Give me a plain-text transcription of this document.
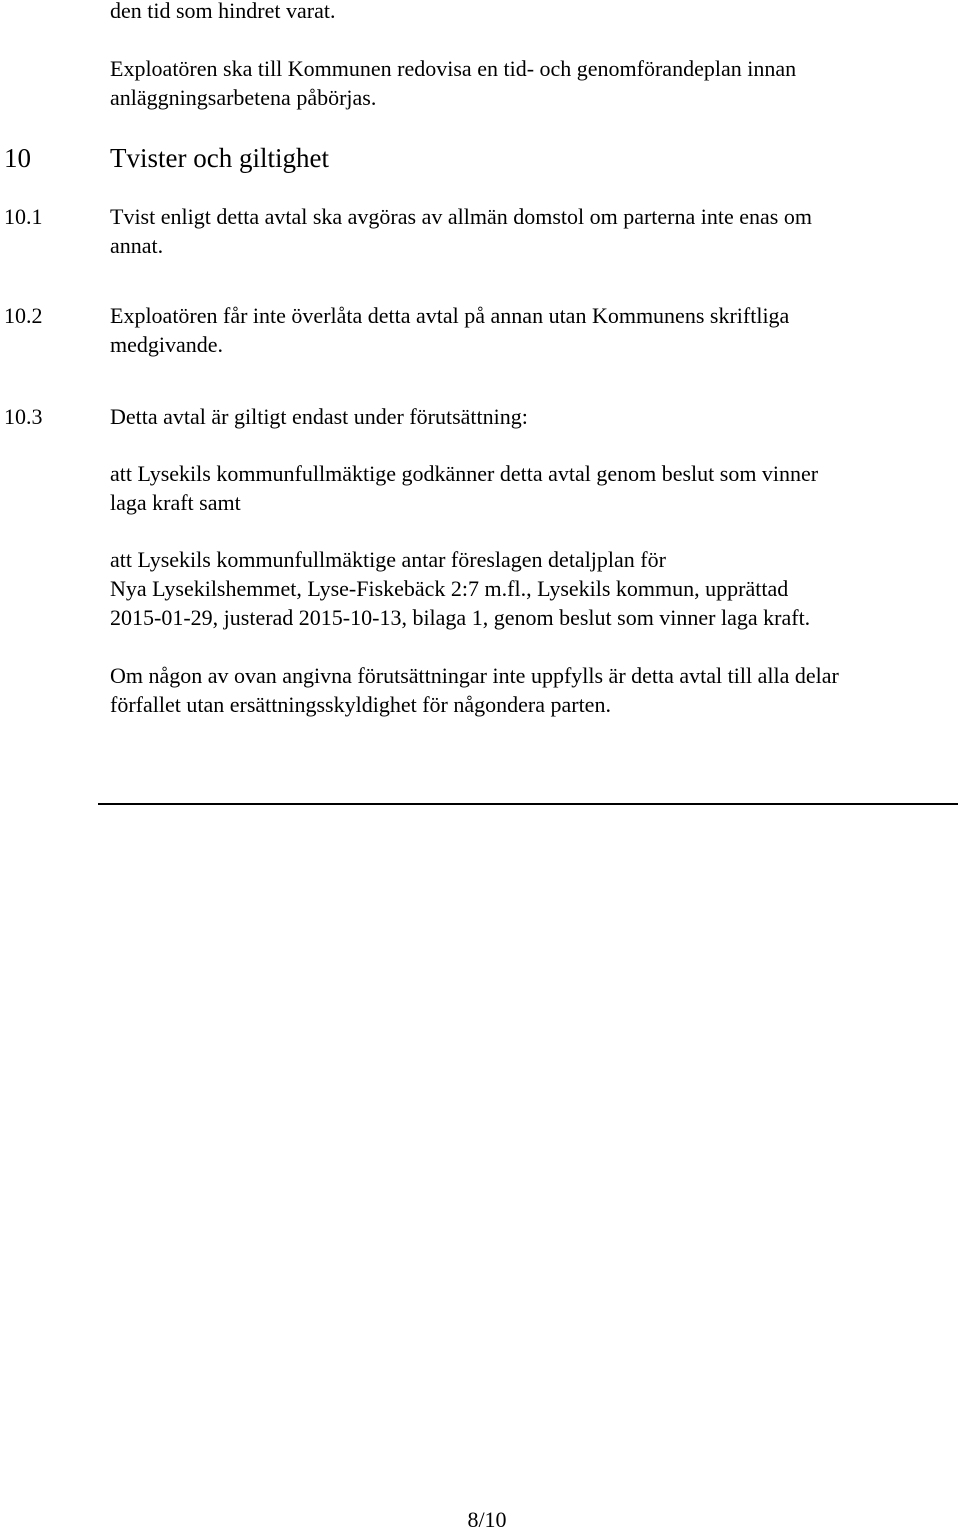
den tid som hindret varat.
Exploatören ska till Kommunen redovisa en tid- och genomförandeplan innan
anläggningsarbetena påbörjas.
10	Tvister och giltighet
10.1	Tvist enligt detta avtal ska avgöras av allmän domstol om parterna inte enas om
annat.
10.2	Exploatören får inte överlåta detta avtal på annan utan Kommunens skriftliga
medgivande.
10.3	Detta avtal är giltigt endast under förutsättning:
att Lysekils kommunfullmäktige godkänner detta avtal genom beslut som vinner
laga kraft samt
att Lysekils kommunfullmäktige antar föreslagen detaljplan för
Nya Lysekilshemmet, Lyse-Fiskebäck 2:7 m.fl., Lysekils kommun, upprättad
2015-01-29, justerad 2015-10-13, bilaga 1, genom beslut som vinner laga kraft.
Om någon av ovan angivna förutsättningar inte uppfylls är detta avtal till alla delar
förfallet utan ersättningsskyldighet för någondera parten.
8/10
